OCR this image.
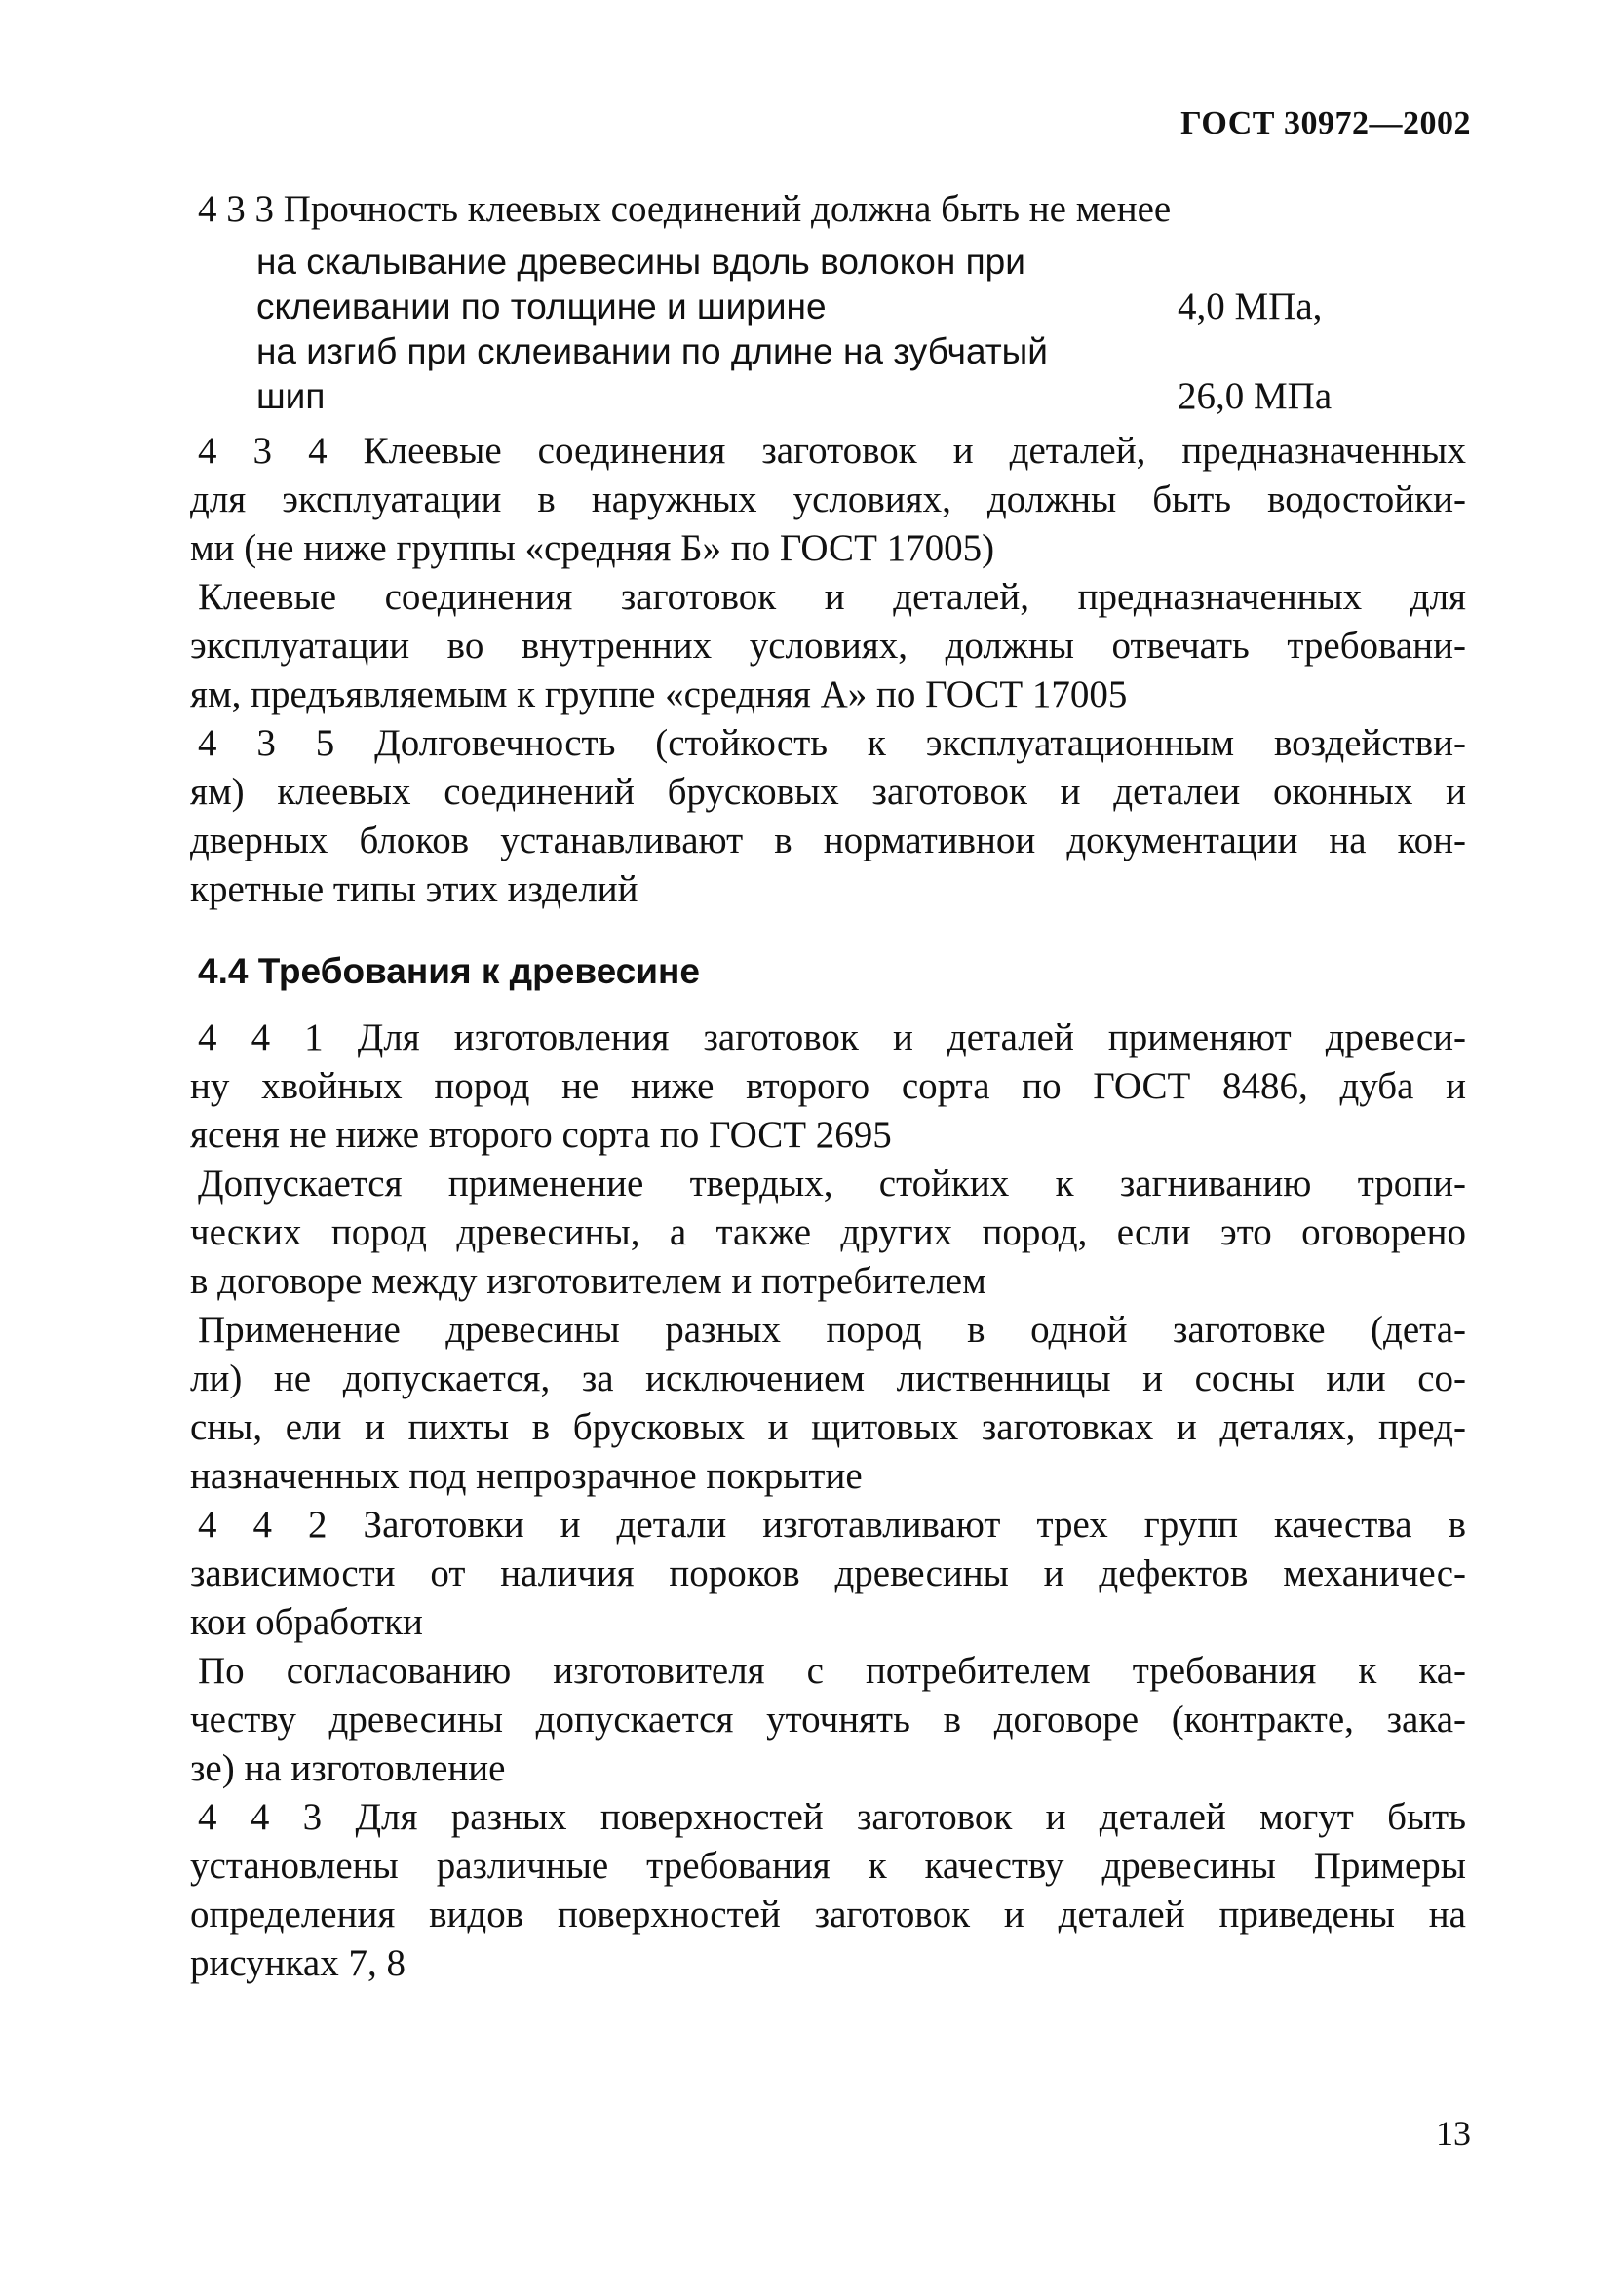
ГОСТ 30972—2002
4 3 3 Прочность клеевых соединений должна быть не менее
на скалывание древесины вдоль волокон при
склеивании по толщине и ширине	4,0 МПа,
на изгиб при склеивании по длине на зубчатый
шип	26,0 МПа
4 3 4 Клеевые соединения заготовок и деталей, предназначенных
для эксплуатации в наружных условиях, должны быть водостойки-
ми (не ниже группы «средняя Б» по ГОСТ 17005)
Клеевые соединения заготовок и деталей, предназначенных для
эксплуатации во внутренних условиях, должны отвечать требовани-
ям, предъявляемым к группе «средняя А» по ГОСТ 17005
4 3 5 Долговечность (стойкость к эксплуатационным воздействи-
ям) клеевых соединений брусковых заготовок и деталеи оконных и
дверных блоков устанавливают в нормативнои документации на кон-
кретные типы этих изделий
4.4 Требования к древесине
4 4 1 Для изготовления заготовок и деталей применяют древеси-
ну хвойных пород не ниже второго сорта по ГОСТ 8486, дуба и
ясеня не ниже второго сорта по ГОСТ 2695
Допускается применение твердых, стойких к загниванию тропи-
ческих пород древесины, а также других пород, если это оговорено
в договоре между изготовителем и потребителем
Применение древесины разных пород в одной заготовке (дета-
ли) не допускается, за исключением лиственницы и сосны или со-
сны, ели и пихты в брусковых и щитовых заготовках и деталях, пред-
назначенных под непрозрачное покрытие
4 4 2 Заготовки и детали изготавливают трех групп качества в
зависимости от наличия пороков древесины и дефектов механичес-
кои обработки
По согласованию изготовителя с потребителем требования к ка-
честву древесины допускается уточнять в договоре (контракте, зака-
зе) на изготовление
4 4 3 Для разных поверхностей заготовок и деталей могут быть
установлены различные требования к качеству древесины Примеры
определения видов поверхностей заготовок и деталей приведены на
рисунках 7, 8
13
